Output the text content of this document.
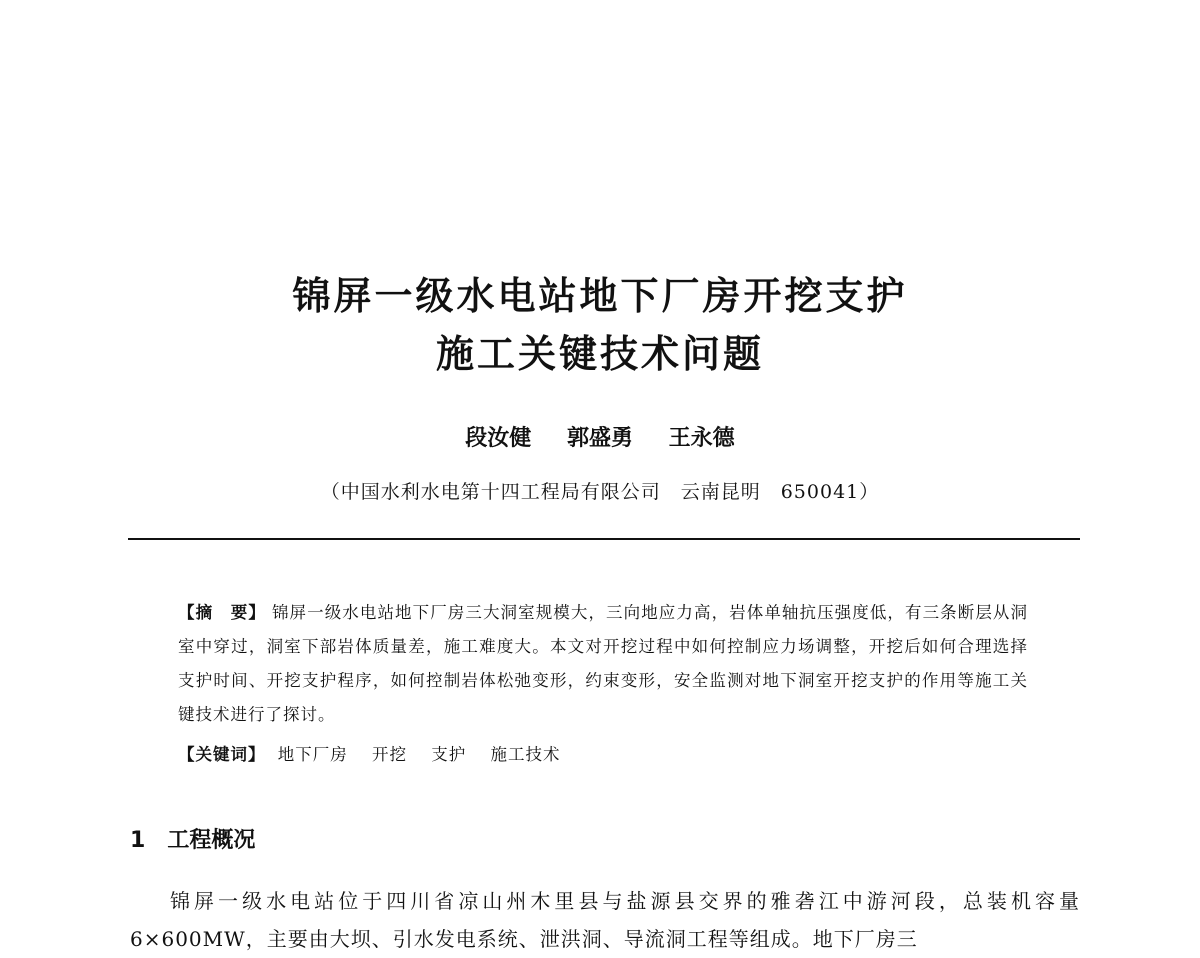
锦屏一级水电站地下厂房开挖支护
施工关键技术问题
段汝健 郭盛勇 王永德
（中国水利水电第十四工程局有限公司　云南昆明　650041）

【摘　要】 锦屏一级水电站地下厂房三大洞室规模大，三向地应力高，岩体单轴抗压强度低，有三条断层从洞室中穿过，洞室下部岩体质量差，施工难度大。本文对开挖过程中如何控制应力场调整，开挖后如何合理选择支护时间、开挖支护程序，如何控制岩体松弛变形，约束变形，安全监测对地下洞室开挖支护的作用等施工关键技术进行了探讨。

【关键词】 地下厂房 开挖 支护 施工技术
1 工程概况

锦屏一级水电站位于四川省凉山州木里县与盐源县交界的雅砻江中游河段，总装机容量6×600MW，主要由大坝、引水发电系统、泄洪洞、导流洞工程等组成。地下厂房三
